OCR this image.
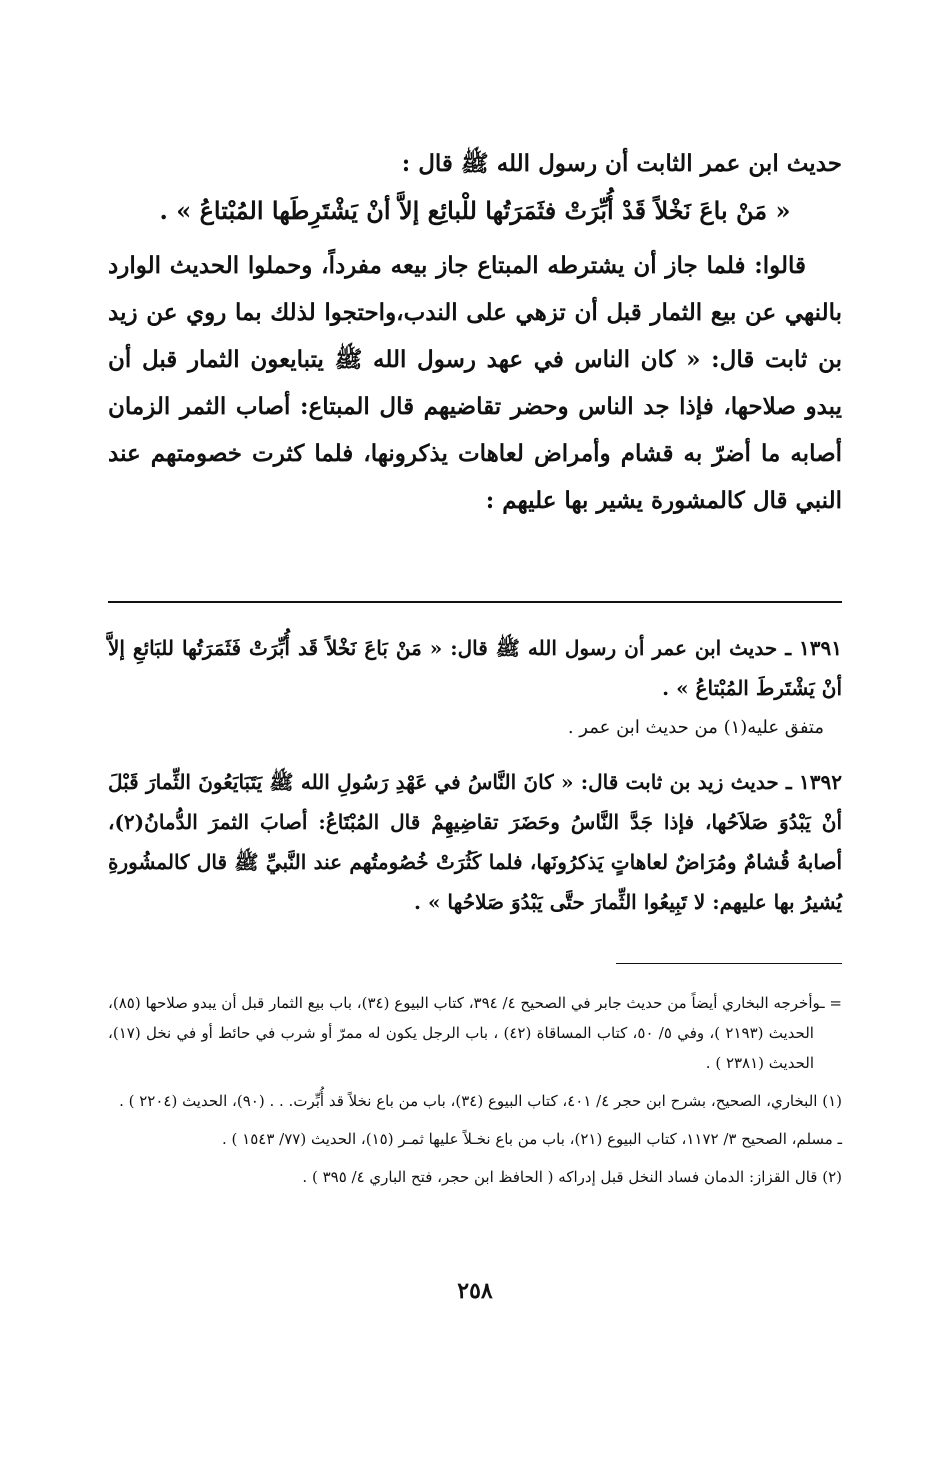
حديث ابن عمر الثابت أن رسول الله ﷺ قال :

« مَنْ باعَ نَخْلاً قَدْ أُبِّرَتْ فثَمَرَتُها للْبائِع إلاَّ أنْ يَشْتَرِطَها المُبْتاعُ » .

قالوا: فلما جاز أن يشترطه المبتاع جاز بيعه مفرداً، وحملوا الحديث الوارد بالنهي عن بيع الثمار قبل أن تزهي على الندب،واحتجوا لذلك بما روي عن زيد بن ثابت قال: « كان الناس في عهد رسول الله ﷺ يتبايعون الثمار قبل أن يبدو صلاحها، فإذا جد الناس وحضر تقاضيهم قال المبتاع: أصاب الثمر الزمان أصابه ما أضرّ به قشام وأمراض لعاهات يذكرونها، فلما كثرت خصومتهم عند النبي قال كالمشورة يشير بها عليهم :

١٣٩١ ـ حديث ابن عمر أن رسول الله ﷺ قال: « مَنْ بَاعَ نَخْلاً قَد أُبِّرَتْ فَثَمَرَتُها للبَائعِ إلاَّ أنْ يَشْتَرطَ المُبْتاعُ » .

متفق عليه(١) من حديث ابن عمر .

١٣٩٢ ـ حديث زيد بن ثابت قال: « كانَ النَّاسُ في عَهْدِ رَسُولِ الله ﷺ يَتَبَايَعُونَ الثِّمارَ قَبْلَ أنْ يَبْدُوَ صَلاَحُها، فإذا جَدَّ النَّاسُ وحَضَرَ تقاضِيهِمْ قال المُبْتَاعُ: أصابَ الثمرَ الدُّمانُ(٢)، أصابهُ قُشامٌ ومُرَاضٌ لعاهاتٍ يَذكرُونَها، فلما كَثُرَتْ خُصُومتُهم عند النَّبيِّ ﷺ قال كالمشُورةِ يُشيرُ بها عليهم: لا تَبِيعُوا الثِّمارَ حتَّى يَبْدُوَ صَلاحُها » .

= ـوأخرجه البخاري أيضاً من حديث جابر في الصحيح ٤/ ٣٩٤، كتاب البيوع (٣٤)، باب بيع الثمار قبل أن يبدو صلاحها (٨٥)، الحديث (٢١٩٣ )، وفي ٥/ ٥٠، كتاب المساقاة (٤٢) ، باب الرجل يكون له ممرّ أو شرب في حائط أو في نخل (١٧)، الحديث (٢٣٨١ ) .

(١) البخاري، الصحيح، بشرح ابن حجر ٤/ ٤٠١، كتاب البيوع (٣٤)، باب من باع نخلاً قد أُبِّرت. . . (٩٠)، الحديث (٢٢٠٤ ) .

ـ مسلم، الصحيح ٣/ ١١٧٢، كتاب البيوع (٢١)، باب من باع نخـلاً عليها ثمـر (١٥)، الحديث (٧٧/ ١٥٤٣ ) .

(٢) قال القزاز: الدمان فساد النخل قبل إدراكه ( الحافظ ابن حجر، فتح الباري ٤/ ٣٩٥ ) .

٢٥٨
